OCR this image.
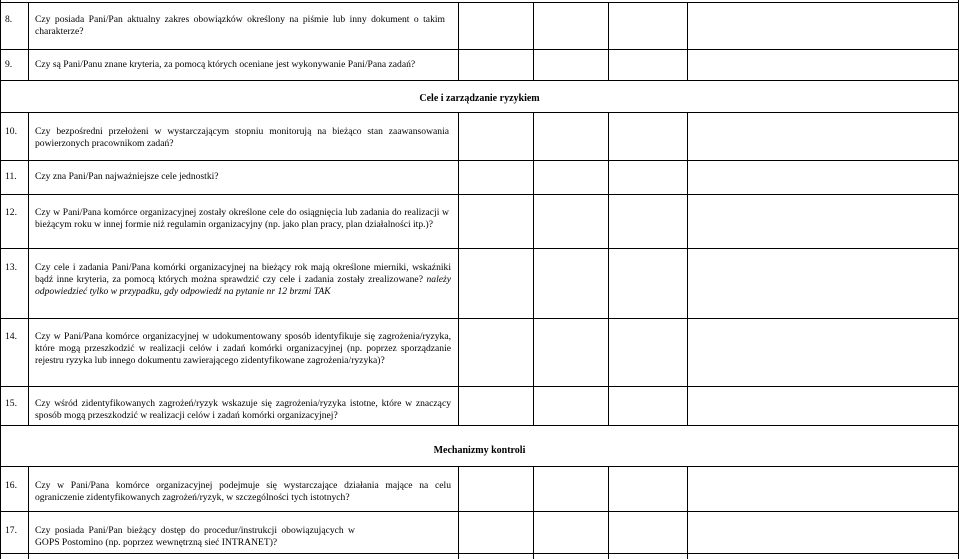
8. Czy posiada Pani/Pan aktualny zakres obowiązków określony na piśmie lub inny dokument o takim charakterze?
9. Czy są Pani/Panu znane kryteria, za pomocą których oceniane jest wykonywanie Pani/Pana zadań?
Cele i zarządzanie ryzykiem
10. Czy bezpośredni przełożeni w wystarczającym stopniu monitorują na bieżąco stan zaawansowania powierzonych pracownikom zadań?
11. Czy zna Pani/Pan najważniejsze cele jednostki?
12. Czy w Pani/Pana komórce organizacyjnej zostały określone cele do osiągnięcia lub zadania do realizacji w bieżącym roku w innej formie niż regulamin organizacyjny (np. jako plan pracy, plan działalności itp.)?
13. Czy cele i zadania Pani/Pana komórki organizacyjnej na bieżący rok mają określone mierniki, wskaźniki bądź inne kryteria, za pomocą których można sprawdzić czy cele i zadania zostały zrealizowane? należy odpowiedzieć tylko w przypadku, gdy odpowiedź na pytanie nr 12 brzmi TAK
14. Czy w Pani/Pana komórce organizacyjnej w udokumentowany sposób identyfikuje się zagrożenia/ryzyka, które mogą przeszkodzić w realizacji celów i zadań komórki organizacyjnej (np. poprzez sporządzanie rejestru ryzyka lub innego dokumentu zawierającego zidentyfikowane zagrożenia/ryzyka)?
15. Czy wśród zidentyfikowanych zagrożeń/ryzyk wskazuje się zagrożenia/ryzyka istotne, które w znaczący sposób mogą przeszkodzić w realizacji celów i zadań komórki organizacyjnej?
Mechanizmy kontroli
16. Czy w Pani/Pana komórce organizacyjnej podejmuje się wystarczające działania mające na celu ograniczenie zidentyfikowanych zagrożeń/ryzyk, w szczególności tych istotnych?
17. Czy posiada Pani/Pan bieżący dostęp do procedur/instrukcji obowiązujących w GOPS Postomino (np. poprzez wewnętrzną sieć INTRANET)?
